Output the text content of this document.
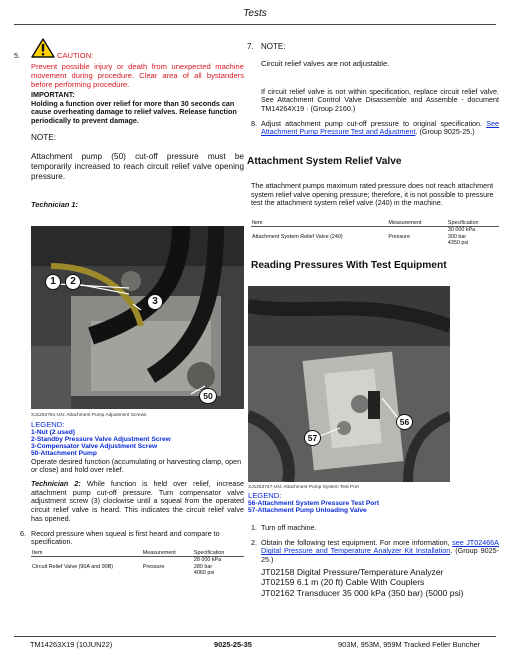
Tests
5.	CAUTION:
Prevent possible injury or death from unexpected machine movement during procedure. Clear area of all bystanders before performing procedure.
IMPORTANT:
Holding a function over relief for more than 30 seconds can cause overheating damage to relief valves. Release function periodically to prevent damage.
NOTE:
Attachment pump (50) cut-off pressure must be temporarily increased to reach circuit relief valve opening pressure.
Technician 1:
1	2
3
50
XJ1263781-UN: Attachment Pump Adjustment Screws
LEGEND:
1-Nut (2 used)
2-Standby Pressure Valve Adjustment Screw
3-Compensator Valve Adjustment Screw
50-Attachment Pump
Operate desired function (accumulating or harvesting clamp, open or close) and hold over relief.
Technician 2: While function is held over relief, increase attachment pump cut-off pressure. Turn compensator valve adjustment screw (3) clockwise until a squeal from the operated circuit relief valve is heard. This indicates the circuit relief valve has opened.
6. Record pressure when squeal is first heard and compare to specification.
Item	Measurement	Specification
Circuit Relief Valve (90A and 90B)	Pressure	28 000 kPa
280 bar
4060 psi
7. NOTE:
Circuit relief valves are not adjustable.
If circuit relief valve is not within specification, replace circuit relief valve. See Attachment Control Valve Disassemble and Assemble - document TM14264X19 · (Group 2160.)
8. Adjust attachment pump cut-off pressure to original specification. See Attachment Pump Pressure Test and Adjustment. (Group 9025-25.)
Attachment System Relief Valve
The attachment pumps maximum rated pressure does not reach attachment system relief valve opening pressure; therefore, it is not possible to pressure test the attachment system relief valve (240) in the machine.
Item	Measurement	Specification
Attachment System Relief Valve (240)	Pressure	30 000 kPa
300 bar
4350 psi
Reading Pressures With Test Equipment
56
57
XJ1263747-UN: Attachment Pump System Test Port
LEGEND:
56-Attachment System Pressure Test Port
57-Attachment Pump Unloading Valve
1. Turn off machine.
2. Obtain the following test equipment. For more information, see JT02466A Digital Pressure and Temperature Analyzer Kit Installation. (Group 9025-25.)
JT02158 Digital Pressure/Temperature Analyzer
JT02159 6.1 m (20 ft) Cable With Couplers
JT02162 Transducer 35 000 kPa (350 bar) (5000 psi)
TM14263X19 (10JUN22)	9025-25-35	903M, 953M, 959M Tracked Feller Buncher
